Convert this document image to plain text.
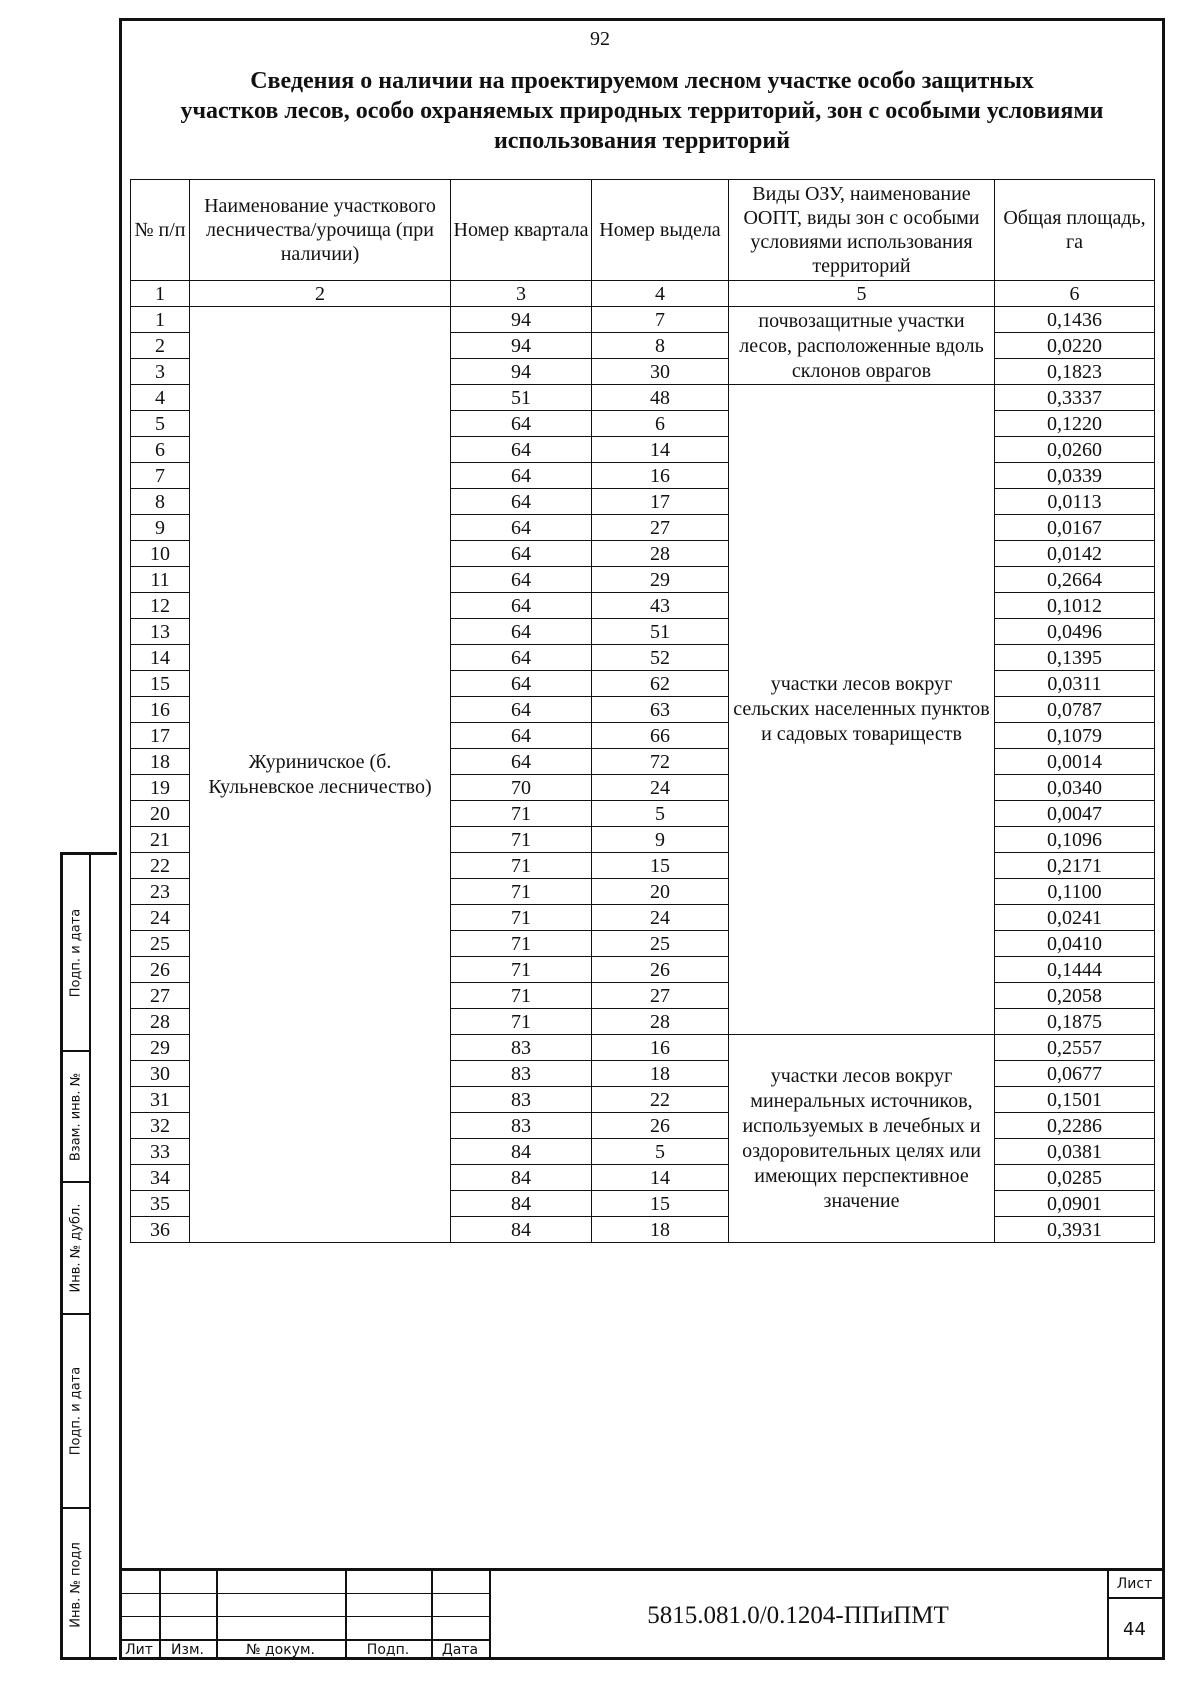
92
Сведения о наличии на проектируемом лесном участке особо защитных
участков лесов, особо охраняемых природных территорий, зон с особыми условиями
использования территорий
№ п/п	Наименование участкового лесничества/урочища (при наличии)	Номер квартала	Номер выдела	Виды ОЗУ, наименование ООПТ, виды зон с особыми условиями использования территорий	Общая площадь, га
1	2	3	4	5	6
1	Журиничское (б. Кульневское лесничество)	94	7	почвозащитные участки лесов, расположенные вдоль склонов оврагов	0,1436
2		94	8		0,0220
3		94	30		0,1823
4		51	48	участки лесов вокруг сельских населенных пунктов и садовых товариществ	0,3337
5		64	6		0,1220
6		64	14		0,0260
7		64	16		0,0339
8		64	17		0,0113
9		64	27		0,0167
10		64	28		0,0142
11		64	29		0,2664
12		64	43		0,1012
13		64	51		0,0496
14		64	52		0,1395
15		64	62		0,0311
16		64	63		0,0787
17		64	66		0,1079
18		64	72		0,0014
19		70	24		0,0340
20		71	5		0,0047
21		71	9		0,1096
22		71	15		0,2171
23		71	20		0,1100
24		71	24		0,0241
25		71	25		0,0410
26		71	26		0,1444
27		71	27		0,2058
28		71	28		0,1875
29		83	16	участки лесов вокруг минеральных источников, используемых в лечебных и оздоровительных целях или имеющих перспективное значение	0,2557
30		83	18		0,0677
31		83	22		0,1501
32		83	26		0,2286
33		84	5		0,0381
34		84	14		0,0285
35		84	15		0,0901
36		84	18		0,3931
Подп. и дата
Взам. инв. №
Инв. № дубл.
Подп. и дата
Инв. № подл
Лит	Изм.	№ докум.	Подп.	Дата
5815.081.0/0.1204-ППиПМТ
Лист
44
